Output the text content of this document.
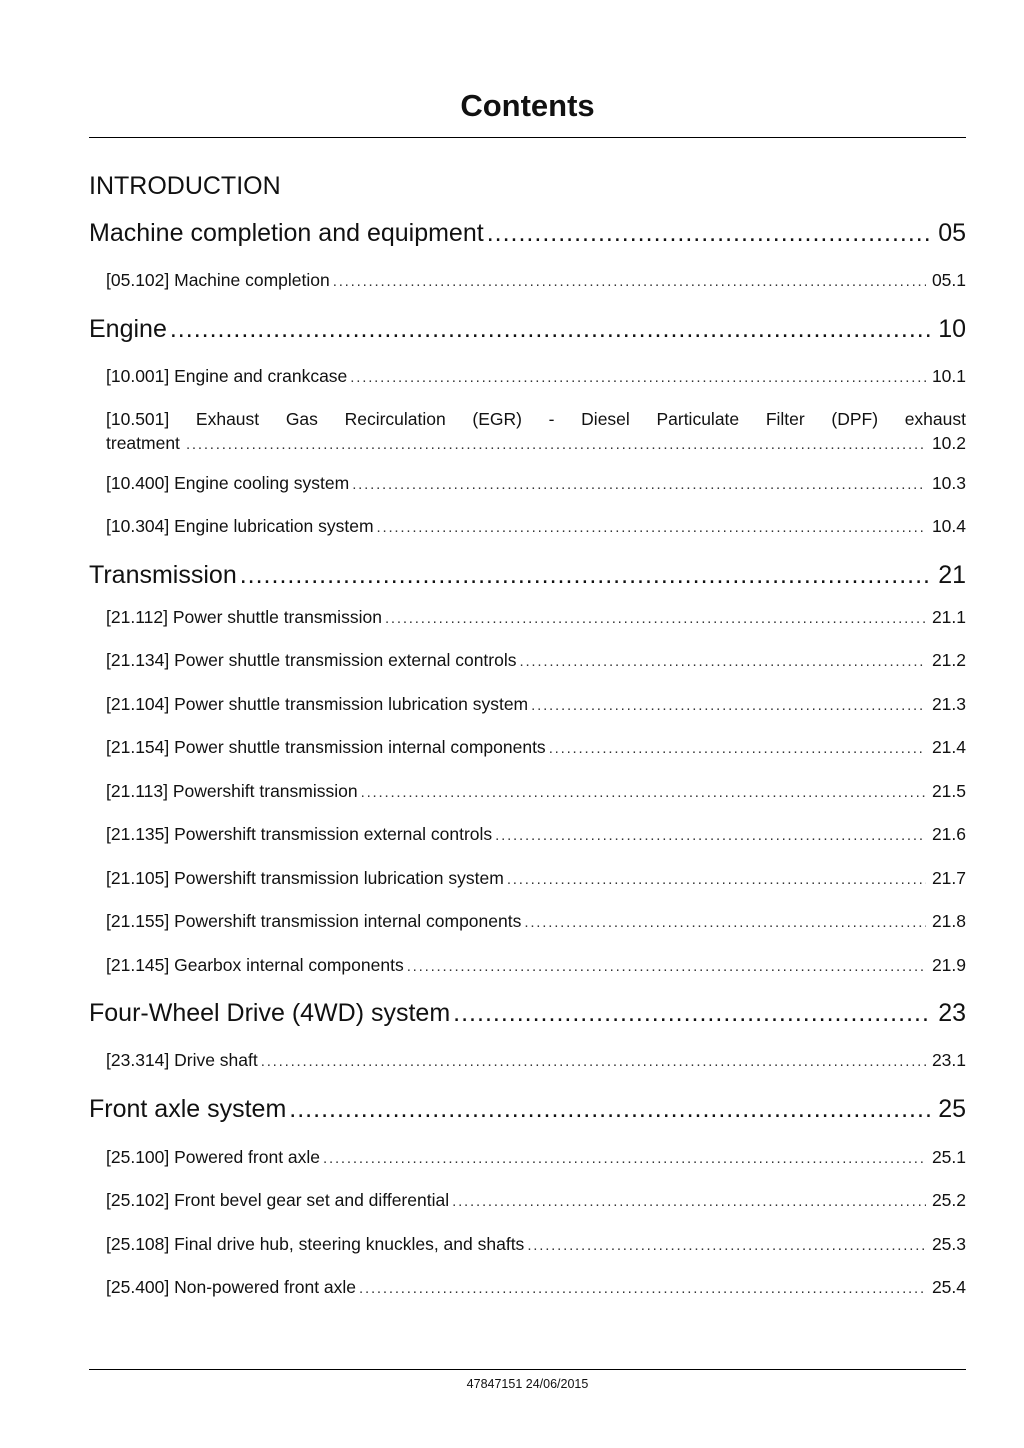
Contents
INTRODUCTION
Machine completion and equipment .....	05
[05.102] Machine completion .....	05.1
Engine .....	10
[10.001] Engine and crankcase .....	10.1
[10.501] Exhaust Gas Recirculation (EGR) - Diesel Particulate Filter (DPF) exhaust
treatment .....	10.2
[10.400] Engine cooling system .....	10.3
[10.304] Engine lubrication system .....	10.4
Transmission .....	21
[21.112] Power shuttle transmission .....	21.1
[21.134] Power shuttle transmission external controls .....	21.2
[21.104] Power shuttle transmission lubrication system .....	21.3
[21.154] Power shuttle transmission internal components .....	21.4
[21.113] Powershift transmission .....	21.5
[21.135] Powershift transmission external controls .....	21.6
[21.105] Powershift transmission lubrication system .....	21.7
[21.155] Powershift transmission internal components .....	21.8
[21.145] Gearbox internal components .....	21.9
Four-Wheel Drive (4WD) system .....	23
[23.314] Drive shaft .....	23.1
Front axle system .....	25
[25.100] Powered front axle .....	25.1
[25.102] Front bevel gear set and differential .....	25.2
[25.108] Final drive hub, steering knuckles, and shafts .....	25.3
[25.400] Non-powered front axle .....	25.4
47847151 24/06/2015
